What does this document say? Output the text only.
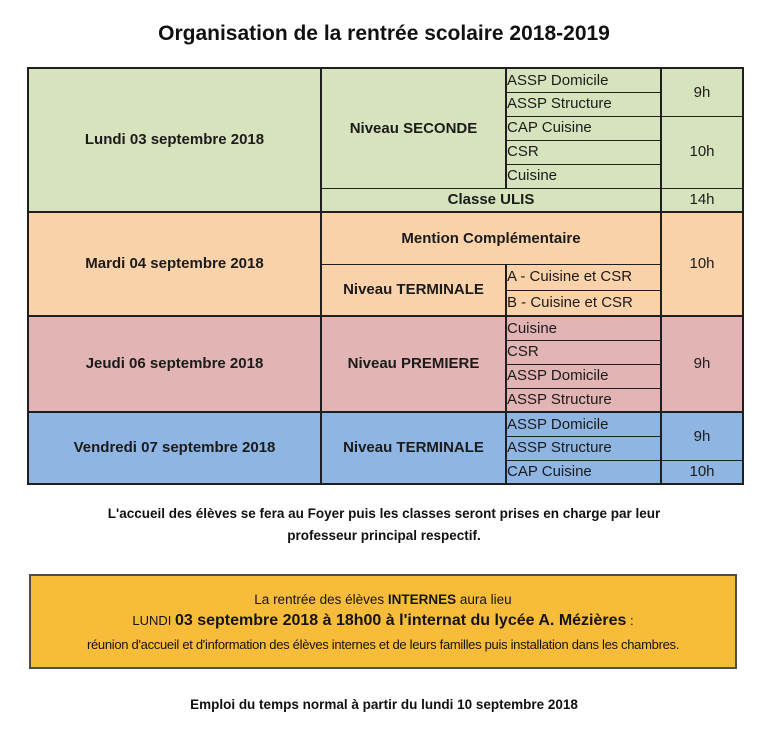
Organisation de la rentrée scolaire 2018-2019
Lundi 03 septembre 2018	Niveau SECONDE	ASSP Domicile	9h
		ASSP Structure	
		CAP Cuisine	10h
		CSR	
		Cuisine	
	Classe ULIS		14h
Mardi 04 septembre 2018	Mention Complémentaire		10h
	Niveau TERMINALE	A - Cuisine et CSR	
		B - Cuisine et CSR	
Jeudi 06 septembre 2018	Niveau PREMIERE	Cuisine	9h
		CSR	
		ASSP Domicile	
		ASSP Structure	
Vendredi 07 septembre 2018	Niveau TERMINALE	ASSP Domicile	9h
		ASSP Structure	
		CAP Cuisine	10h
L'accueil des élèves se fera au Foyer puis les classes seront prises en charge par leur professeur principal respectif.
La rentrée des élèves INTERNES aura lieu
LUNDI 03 septembre 2018 à 18h00 à l'internat du lycée A. Mézières :
réunion d'accueil et d'information des élèves internes et de leurs familles puis installation dans les chambres.
Emploi du temps normal à partir du lundi 10 septembre 2018
